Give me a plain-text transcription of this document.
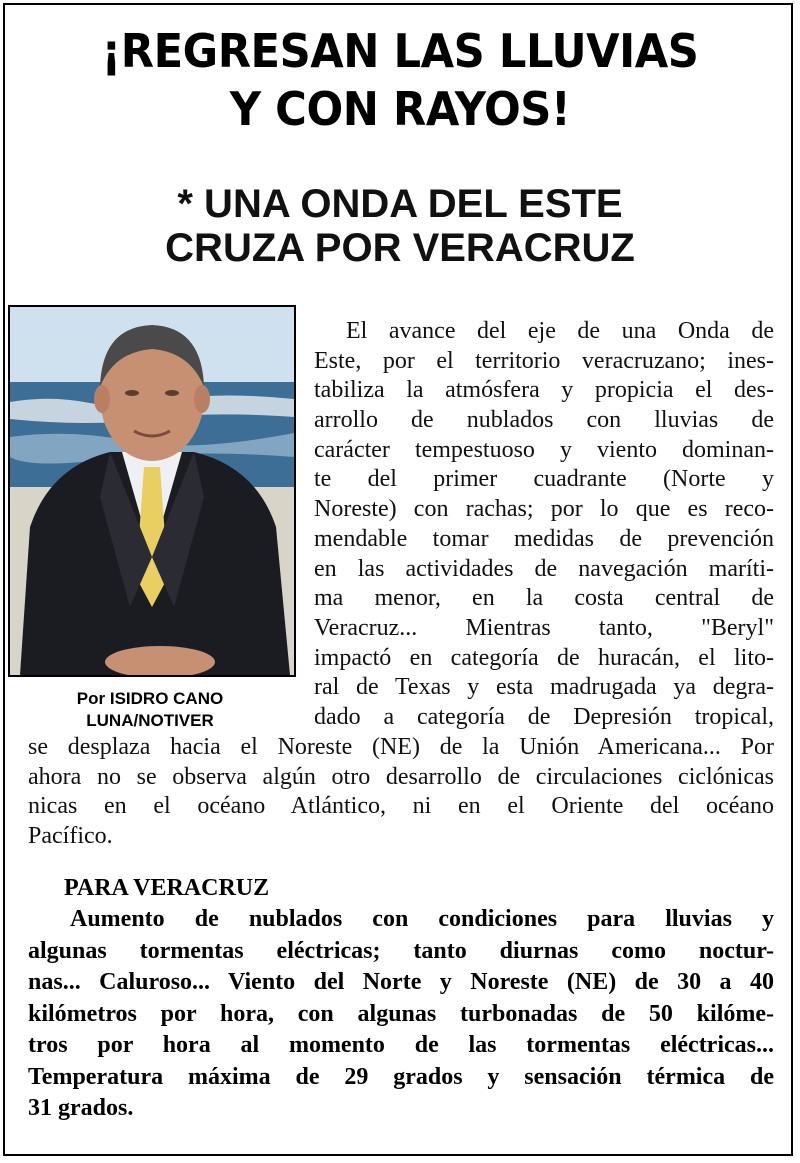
¡REGRESAN LAS LLUVIAS
Y CON RAYOS!
* UNA ONDA DEL ESTE
CRUZA POR VERACRUZ
Por ISIDRO CANO
LUNA/NOTIVER
El avance del eje de una Onda de
Este, por el territorio veracruzano; ines-
tabiliza la atmósfera y propicia el des-
arrollo de nublados con lluvias de
carácter tempestuoso y viento dominan-
te del primer cuadrante (Norte y
Noreste) con rachas; por lo que es reco-
mendable tomar medidas de prevención
en las actividades de navegación maríti-
ma menor, en la costa central de
Veracruz... Mientras tanto, "Beryl"
impactó en categoría de huracán, el lito-
ral de Texas y esta madrugada ya degra-
dado a categoría de Depresión tropical,
se desplaza hacia el Noreste (NE) de la Unión Americana... Por
ahora no se observa algún otro desarrollo de circulaciones ciclónicas
nicas en el océano Atlántico, ni en el Oriente del océano
Pacífico.
PARA VERACRUZ
Aumento de nublados con condiciones para lluvias y
algunas tormentas eléctricas; tanto diurnas como noctur-
nas... Caluroso... Viento del Norte y Noreste (NE) de 30 a 40
kilómetros por hora, con algunas turbonadas de 50 kilóme-
tros por hora al momento de las tormentas eléctricas...
Temperatura máxima de 29 grados y sensación térmica de
31 grados.
